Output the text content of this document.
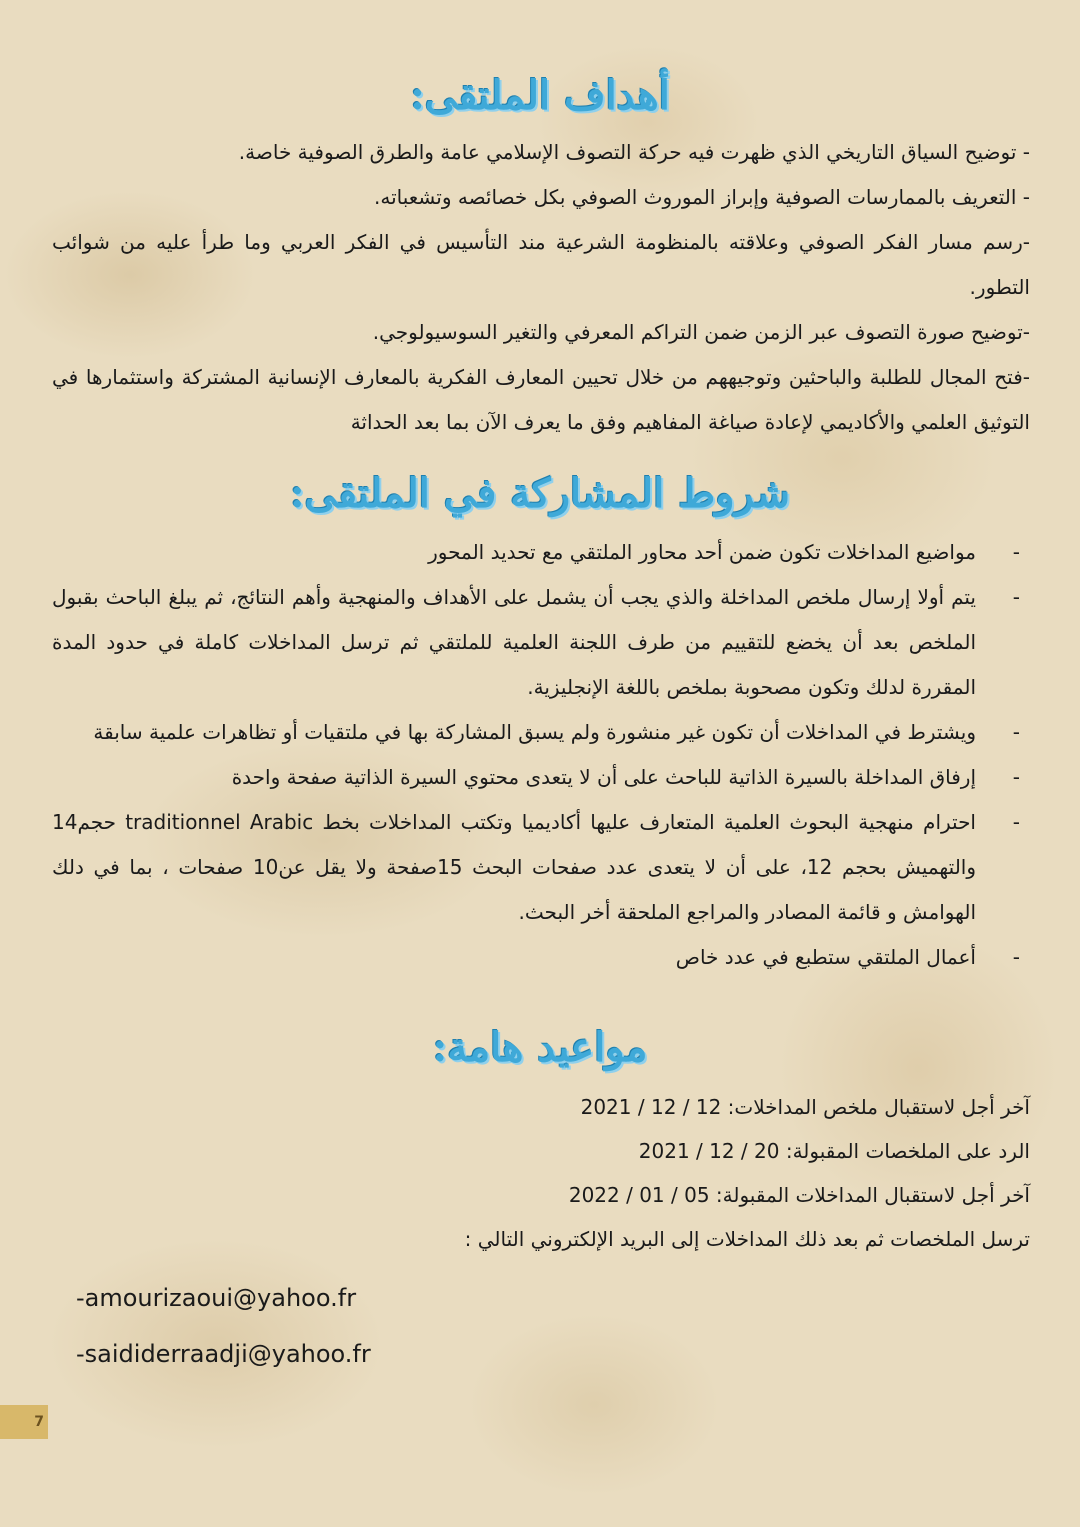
أهداف الملتقى:

- توضيح السياق التاريخي الذي ظهرت فيه حركة التصوف الإسلامي عامة والطرق الصوفية خاصة.

- التعريف بالممارسات الصوفية وإبراز الموروث الصوفي بكل خصائصه وتشعباته.

-رسم مسار الفكر الصوفي وعلاقته بالمنظومة الشرعية مند التأسيس في الفكر العربي وما طرأ عليه من شوائب التطور.

-توضيح صورة التصوف عبر الزمن ضمن التراكم المعرفي والتغير السوسيولوجي.

-فتح المجال للطلبة والباحثين وتوجيههم من خلال تحيين المعارف الفكرية بالمعارف الإنسانية المشتركة واستثمارها في التوثيق العلمي والأكاديمي لإعادة صياغة المفاهيم وفق ما يعرف الآن بما بعد الحداثة

شروط المشاركة في الملتقى:
-
مواضيع المداخلات تكون ضمن أحد محاور الملتقي مع تحديد المحور
-
يتم أولا إرسال ملخص المداخلة والذي يجب أن يشمل على الأهداف والمنهجية وأهم النتائج، ثم يبلغ الباحث بقبول الملخص بعد أن يخضع للتقييم من طرف اللجنة العلمية للملتقي ثم ترسل المداخلات كاملة في حدود المدة المقررة لدلك وتكون مصحوبة بملخص باللغة الإنجليزية.
-
ويشترط في المداخلات أن تكون غير منشورة ولم يسبق المشاركة بها في ملتقيات أو تظاهرات علمية سابقة
-
إرفاق المداخلة بالسيرة الذاتية للباحث على أن لا يتعدى محتوي السيرة الذاتية صفحة واحدة
-
احترام منهجية البحوث العلمية المتعارف عليها أكاديميا وتكتب المداخلات بخط traditionnel Arabic حجم14 والتهميش بحجم 12، على أن لا يتعدى عدد صفحات البحث 15صفحة ولا يقل عن10 صفحات ، بما في دلك الهوامش و قائمة المصادر والمراجع الملحقة أخر البحث.
-
أعمال الملتقي ستطبع في عدد خاص
مواعيد هامة:

آخر أجل لاستقبال ملخص المداخلات: 12 / 12 / 2021

الرد على الملخصات المقبولة: 20 / 12 / 2021

آخر أجل لاستقبال المداخلات المقبولة: 05 / 01 / 2022

ترسل الملخصات ثم بعد ذلك المداخلات إلى البريد الإلكتروني التالي :

-amourizaoui@yahoo.fr
-saididerraadji@yahoo.fr
7
